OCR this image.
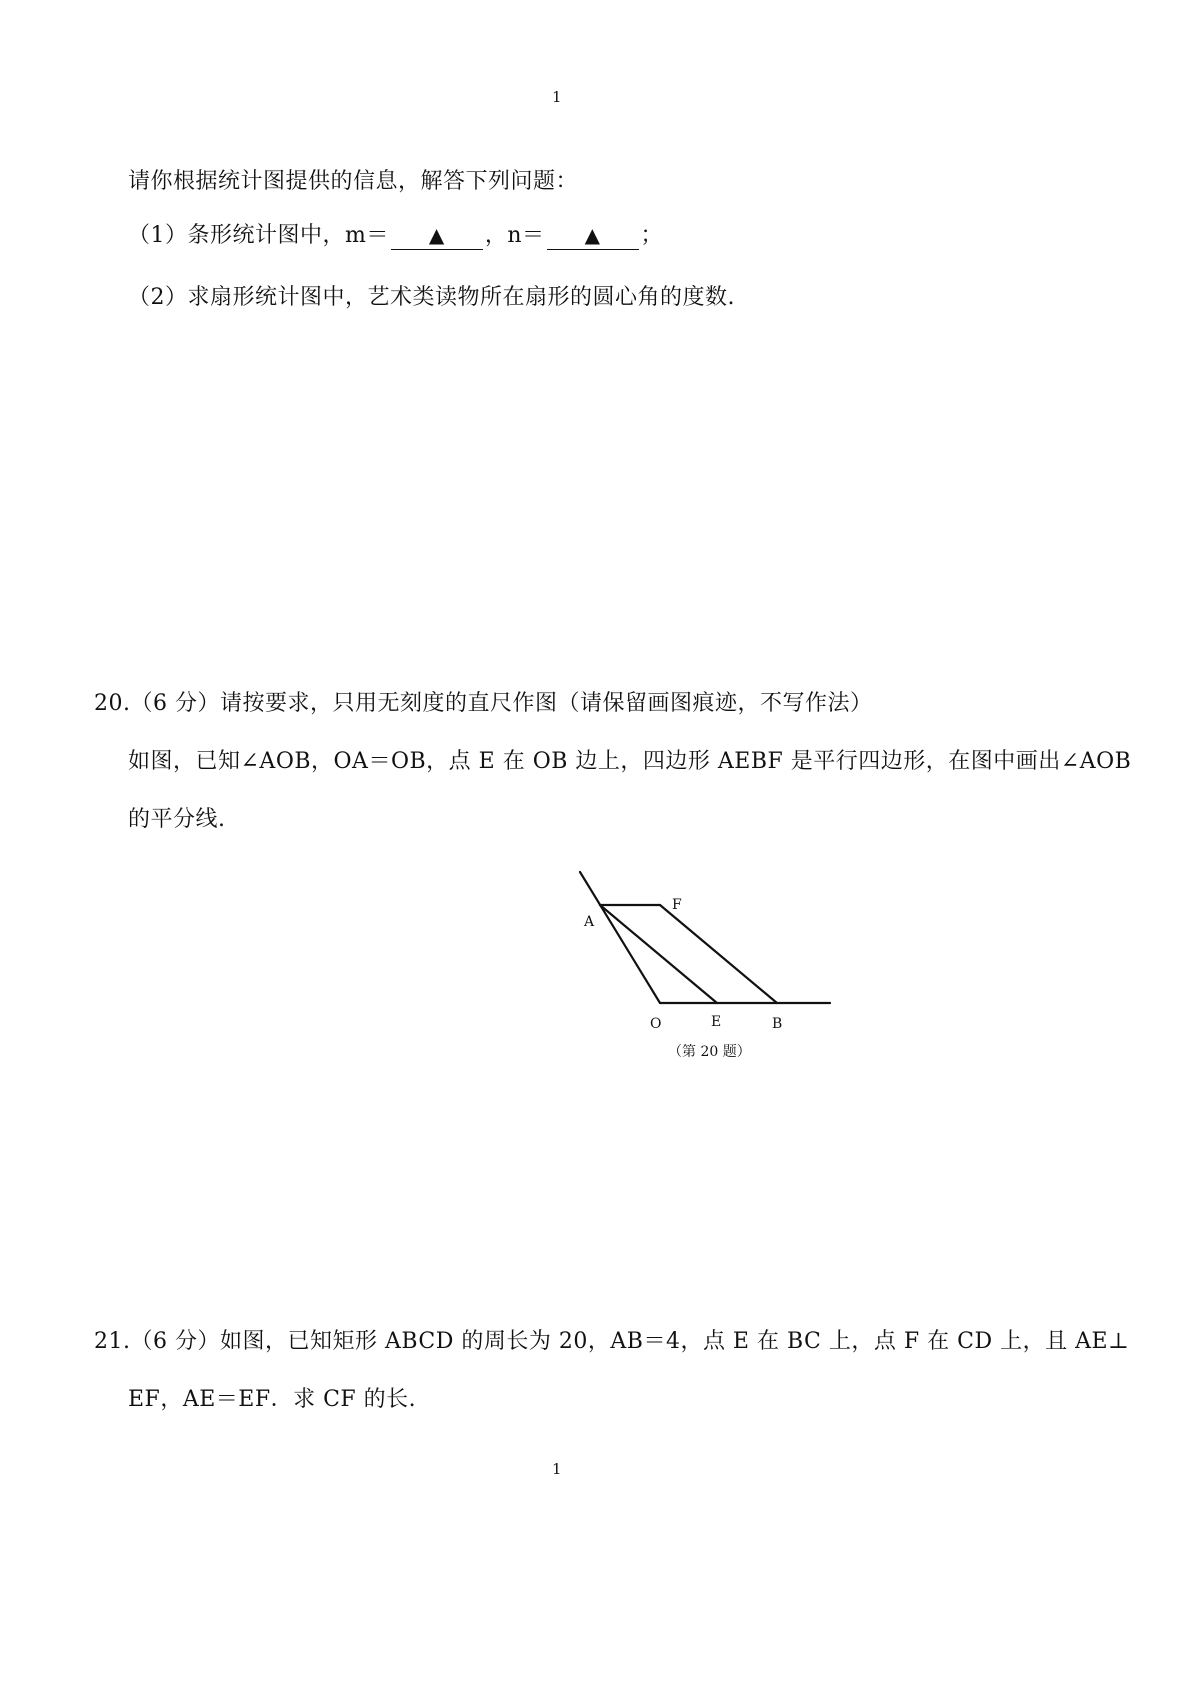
1
请你根据统计图提供的信息，解答下列问题：
（1）条形统计图中，m＝ ▲ ，n＝ ▲ ；
（2）求扇形统计图中，艺术类读物所在扇形的圆心角的度数.
20.（6 分）请按要求，只用无刻度的直尺作图（请保留画图痕迹，不写作法）
如图，已知∠AOB，OA＝OB，点 E 在 OB 边上，四边形 AEBF 是平行四边形，在图中画出∠AOB
的平分线.
A
F
O	E	B
（第 20 题）
21.（6 分）如图，已知矩形 ABCD 的周长为 20，AB＝4，点 E 在 BC 上，点 F 在 CD 上，且 AE⊥
EF，AE＝EF．求 CF 的长.
1
